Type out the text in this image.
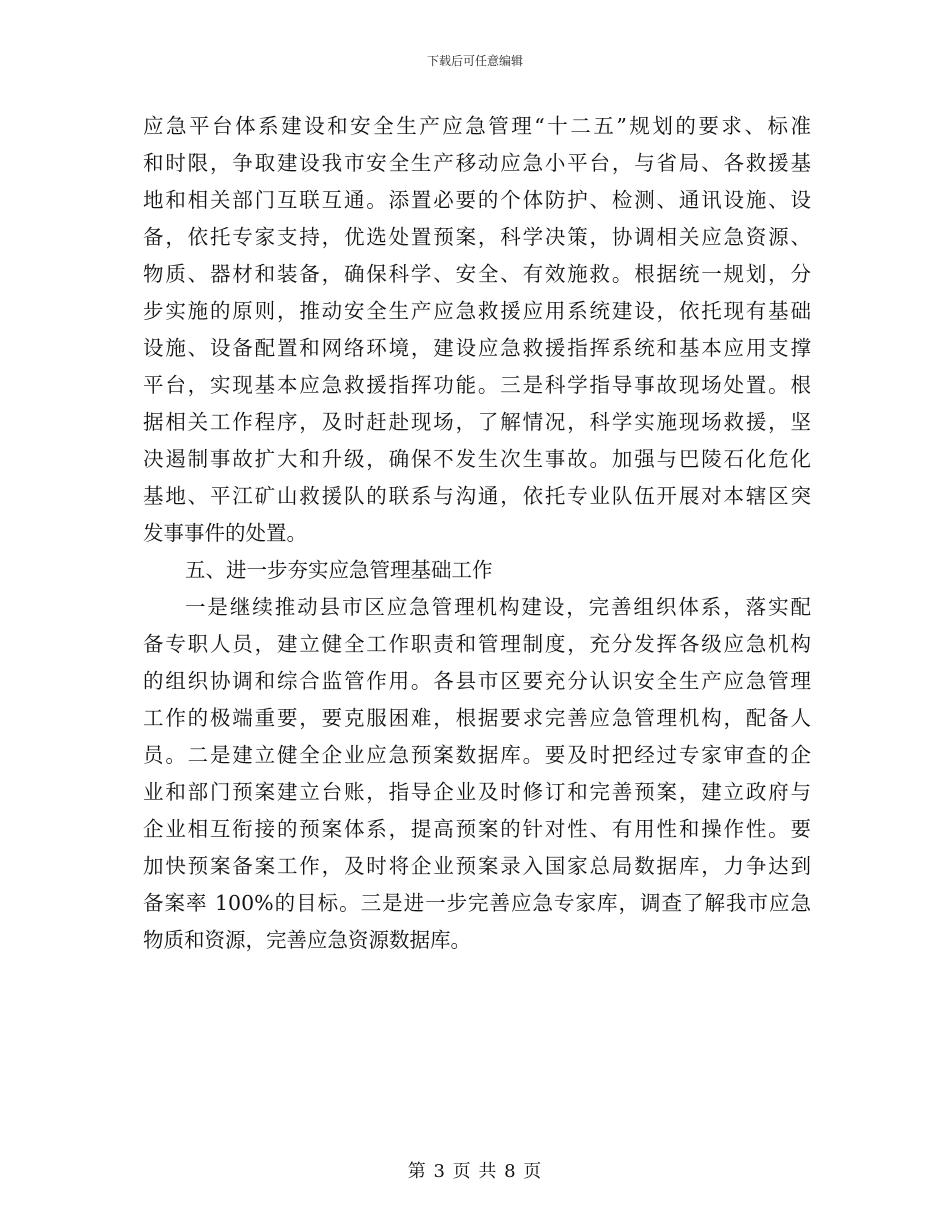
下载后可任意编辑
应急平台体系建设和安全生产应急管理“十二五”规划的要求、标准
和时限，争取建设我市安全生产移动应急小平台，与省局、各救援基
地和相关部门互联互通。添置必要的个体防护、检测、通讯设施、设
备，依托专家支持，优选处置预案，科学决策，协调相关应急资源、
物质、器材和装备，确保科学、安全、有效施救。根据统一规划，分
步实施的原则，推动安全生产应急救援应用系统建设，依托现有基础
设施、设备配置和网络环境，建设应急救援指挥系统和基本应用支撑
平台，实现基本应急救援指挥功能。三是科学指导事故现场处置。根
据相关工作程序，及时赶赴现场，了解情况，科学实施现场救援，坚
决遏制事故扩大和升级，确保不发生次生事故。加强与巴陵石化危化
基地、平江矿山救援队的联系与沟通，依托专业队伍开展对本辖区突
发事事件的处置。
五、进一步夯实应急管理基础工作
一是继续推动县市区应急管理机构建设，完善组织体系，落实配
备专职人员，建立健全工作职责和管理制度，充分发挥各级应急机构
的组织协调和综合监管作用。各县市区要充分认识安全生产应急管理
工作的极端重要，要克服困难，根据要求完善应急管理机构，配备人
员。二是建立健全企业应急预案数据库。要及时把经过专家审查的企
业和部门预案建立台账，指导企业及时修订和完善预案，建立政府与
企业相互衔接的预案体系，提高预案的针对性、有用性和操作性。要
加快预案备案工作，及时将企业预案录入国家总局数据库，力争达到
备案率 100%的目标。三是进一步完善应急专家库，调查了解我市应急
物质和资源，完善应急资源数据库。
第 3 页 共 8 页
